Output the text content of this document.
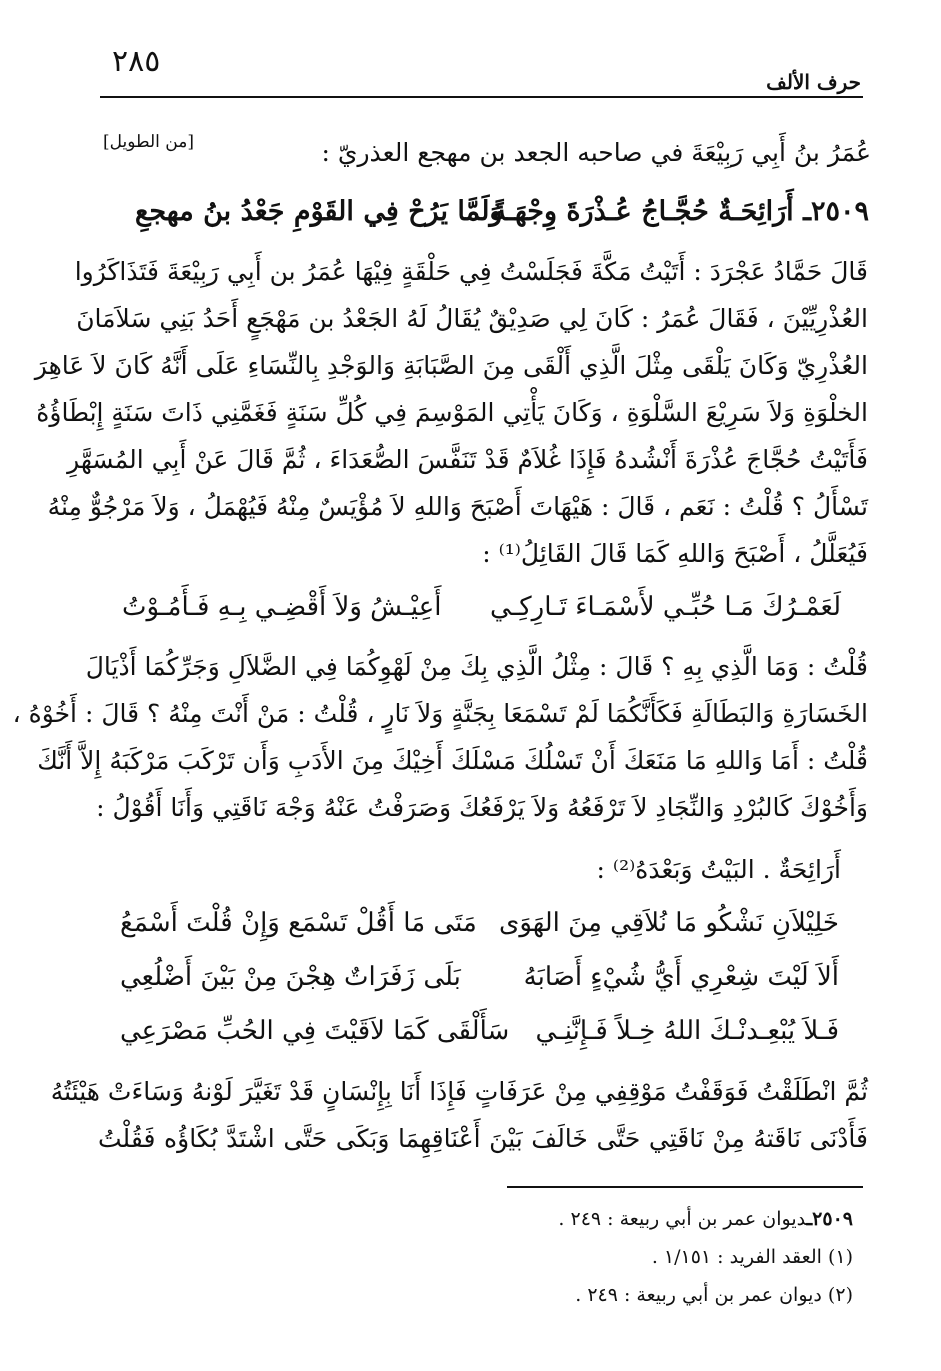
٢٨٥
حرف الألف
[من الطويل]	عُمَرُ بنُ أَبِي رَبِيْعَةَ في صاحبه الجعد بن مهجع العذريّ :
٢٥٠٩ـ أَرَائِحَـةٌ حُجَّـاجُ عُـذْرَةَ وِجْهَـةً
وَلَمَّا يَرُحْ فِي القَوْمِ جَعْدُ بنُ مهجعِ
قَالَ حَمَّادُ عَجْرَدَ : أَتَيْتُ مَكَّةَ فَجَلَسْتُ فِي حَلْقَةٍ فِيْهَا عُمَرُ بن أَبِي رَبِيْعَةَ فَتَذَاكَرُوا
العُذْرِيِّيْنَ ، فَقَالَ عُمَرُ : كَانَ لِي صَدِيْقٌ يُقَالُ لَهُ الجَعْدُ بن مَهْجَعٍ أَحَدُ بَنِي سَلاَمَانَ
العُذْرِيّ وَكَانَ يَلْقَى مِثْلَ الَّذِي أَلْقَى مِنَ الصَّبَابَةِ وَالوَجْدِ بِالنِّسَاءِ عَلَى أَنَّهُ كَانَ لاَ عَاهِرَ
الخلْوَةِ وَلاَ سَرِيْعَ السَّلْوَةِ ، وَكَانَ يَأْتِي المَوْسِمَ فِي كُلِّ سَنَةٍ فَغَمَّنِي ذَاتَ سَنَةٍ إِبْطَاؤُهُ
فَأَتَيْتُ حُجَّاجَ عُذْرَةَ أَنْشُدهُ فَإِذَا غُلاَمٌ قَدْ تَنَفَّسَ الصُّعَدَاءَ ، ثُمَّ قَالَ عَنْ أَبِي المُسَهَّرِ
تَسْأَلُ ؟ قُلْتُ : نَعَم ، قَالَ : هَيْهَاتَ أَصْبَحَ وَاللهِ لاَ مُؤْيَسٌ مِنْهُ فَيُهْمَلُ ، وَلاَ مَرْجُوٌّ مِنْهُ
فَيُعَلَّلُ ، أَصْبَحَ وَاللهِ كَمَا قَالَ القَائِلُ⁽¹⁾ :
لَعَمْـرُكَ مَـا حُبِّـي لأَسْمَـاءَ تَـارِكِـي
أَعِيْـشُ وَلاَ أَقْضِـي بِـهِ فَـأَمُـوْتُ
قُلْتُ : وَمَا الَّذِي بِهِ ؟ قَالَ : مِثْلُ الَّذِي بِكَ مِنْ لَهْوِكُمَا فِي الضَّلاَلِ وَجَرِّكُمَا أَذْيَالَ
الخَسَارَةِ وَالبَطَالَةِ فَكَأَنَّكُمَا لَمْ تَسْمَعَا بِجَنَّةٍ وَلاَ نَارٍ ، قُلْتُ : مَنْ أَنْتَ مِنْهُ ؟ قَالَ : أَخُوْهُ ،
قُلْتُ : أَمَا وَاللهِ مَا مَنَعَكَ أَنْ تَسْلُكَ مَسْلَكَ أَخِيْكَ مِنَ الأَدَبِ وَأَن تَرْكَبَ مَرْكَبَهُ إِلاَّ أَنَّكَ
وَأَخُوْكَ كَالبُرْدِ وَالنِّجَادِ لاَ تَرْفَعُهُ وَلاَ يَرْفَعُكَ وَصَرَفْتُ عَنْهُ وَجْهَ نَاقَتِي وَأَنَا أَقُوْلُ :
أَرَائِحَةٌ . البَيْتُ وَبَعْدَهُ⁽²⁾ :
خَلِيْلاَنِ نَشْكُو مَا نُلاَقِي مِنَ الهَوَى
مَتَى مَا أَقُلْ تَسْمَع وَإِنْ قُلْتَ أَسْمَعُ
أَلاَ لَيْتَ شِعْرِي أَيُّ شُيْءٍ أَصَابَهُ
بَلَى زَفَرَاتٌ هِجْنَ مِنْ بَيْنَ أَضْلُعِي
فَـلاَ يُبْعِـدنْـكَ اللهُ خِـلاً فَـإِنَّنِـي
سَأَلْقَى كَمَا لاَقَيْتَ فِي الحُبِّ مَصْرَعِي
ثُمَّ انْطَلَقْتُ فَوَقَفْتُ مَوْقِفِي مِنْ عَرَفَاتٍ فَإِذَا أَنَا بِإِنْسَانٍ قَدْ تَغَيَّرَ لَوْنهُ وَسَاءَتْ هَيْئَتُهُ
فَأَدْنَى نَاقَتهُ مِنْ نَاقَتِي حَتَّى خَالَفَ بَيْنَ أَعْنَاقِهِمَا وَبَكَى حَتَّى اشْتَدَّ بُكَاؤُه فَقُلْتُ
٢٥٠٩ـديوان عمر بن أبي ربيعة : ٢٤٩ .
(١) العقد الفريد : ١/١٥١ .
(٢) ديوان عمر بن أبي ربيعة : ٢٤٩ .
